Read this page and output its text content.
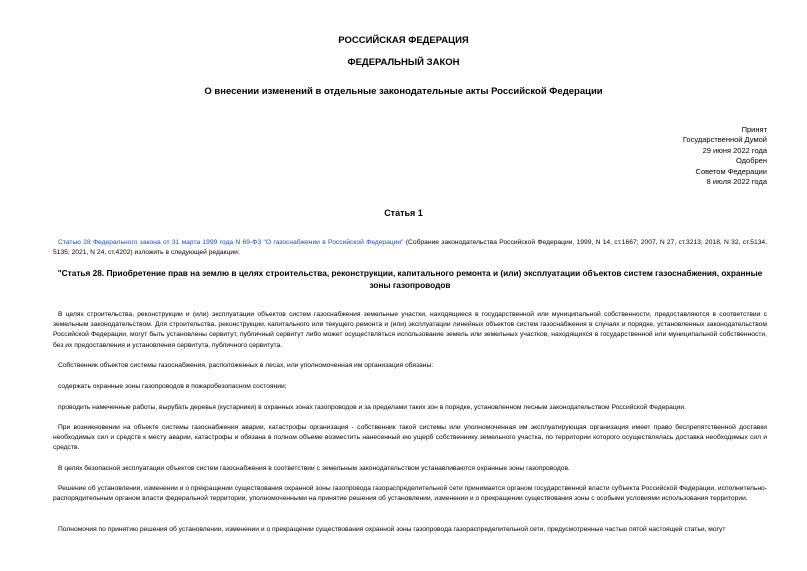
РОССИЙСКАЯ ФЕДЕРАЦИЯ
ФЕДЕРАЛЬНЫЙ ЗАКОН
О внесении изменений в отдельные законодательные акты Российской Федерации
Принят
Государственной Думой
29 июня 2022 года
Одобрен
Советом Федерации
8 июля 2022 года
Статья 1
Статью 28 Федерального закона от 31 марта 1999 года N 69-ФЗ "О газоснабжении в Российской Федерации" (Собрание законодательства Российской Федерации, 1999, N 14, ст.1667; 2007, N 27, ст.3213; 2018, N 32, ст.5134, 5135; 2021, N 24, ст.4202) изложить в следующей редакции:
"Статья 28. Приобретение прав на землю в целях строительства, реконструкции, капитального ремонта и (или) эксплуатации объектов систем газоснабжения, охранные зоны газопроводов
В целях строительства, реконструкции и (или) эксплуатации объектов систем газоснабжения земельные участки, находящиеся в государственной или муниципальной собственности, предоставляются в соответствии с земельным законодательством. Для строительства, реконструкции, капитального или текущего ремонта и (или) эксплуатации линейных объектов систем газоснабжения в случаях и порядке, установленных законодательством Российской Федерации, могут быть установлены сервитут, публичный сервитут либо может осуществляться использование земель или земельных участков, находящихся в государственной или муниципальной собственности, без их предоставления и установления сервитута, публичного сервитута.
Собственник объектов системы газоснабжения, расположенных в лесах, или уполномоченная им организация обязаны:
содержать охранные зоны газопроводов в пожаробезопасном состоянии;
проводить намеченные работы, вырубать деревья (кустарники) в охранных зонах газопроводов и за пределами таких зон в порядке, установленном лесным законодательством Российской Федерации.
При возникновении на объекте системы газоснабжения аварии, катастрофы организация - собственник такой системы или уполномоченная им эксплуатирующая организация имеет право беспрепятственной доставки необходимых сил и средств к месту аварии, катастрофы и обязана в полном объеме возместить нанесенный ею ущерб собственнику земельного участка, по территории которого осуществлялась доставка необходимых сил и средств.
В целях безопасной эксплуатации объектов систем газоснабжения в соответствии с земельным законодательством устанавливаются охранные зоны газопроводов.
Решение об установлении, изменении и о прекращении существования охранной зоны газопровода газораспределительной сети принимается органом государственной власти субъекта Российской Федерации, исполнительно-распорядительным органом власти федеральной территории, уполномоченными на принятие решения об установлении, изменении и о прекращении существования зоны с особыми условиями использования территории.
Полномочия по принятию решения об установлении, изменении и о прекращении существования охранной зоны газопровода газораспределительной сети, предусмотренные частью пятой настоящей статьи, могут
